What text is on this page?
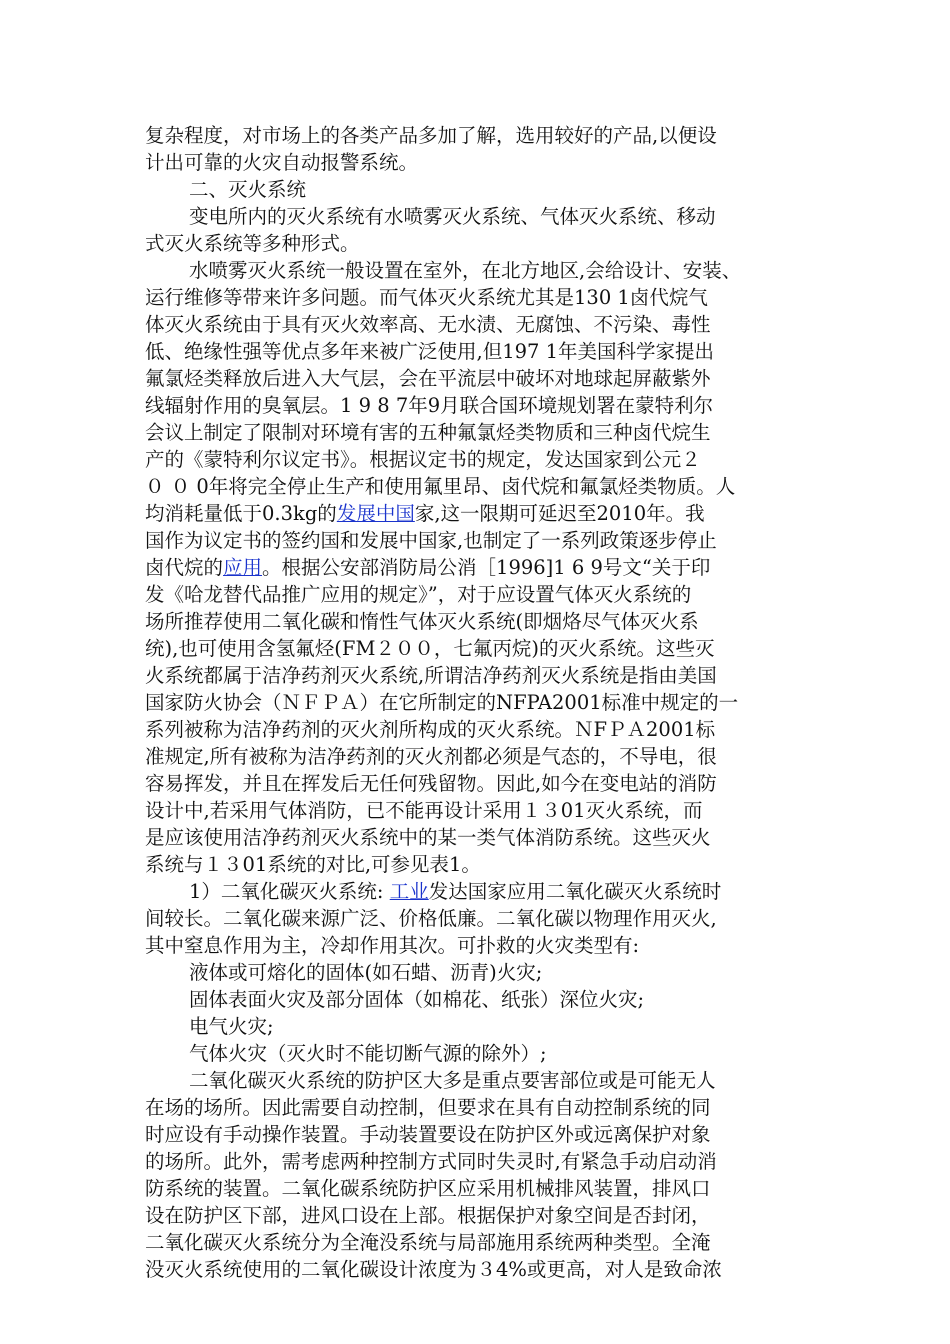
复杂程度，对市场上的各类产品多加了解，选用较好的产品,以便设
计出可靠的火灾自动报警系统。
二、灭火系统
变电所内的灭火系统有水喷雾灭火系统、气体灭火系统、移动
式灭火系统等多种形式。
水喷雾灭火系统一般设置在室外，在北方地区,会给设计、安装、
运行维修等带来许多问题。而气体灭火系统尤其是130 1卤代烷气
体灭火系统由于具有灭火效率高、无水渍、无腐蚀、不污染、毒性
低、绝缘性强等优点多年来被广泛使用,但197 1年美国科学家提出
氟氯烃类释放后进入大气层，会在平流层中破坏对地球起屏蔽紫外
线辐射作用的臭氧层。1 9 8 7年9月联合国环境规划署在蒙特利尔
会议上制定了限制对环境有害的五种氟氯烃类物质和三种卤代烷生
产的《蒙特利尔议定书》。根据议定书的规定，发达国家到公元２
０ ０ 0年将完全停止生产和使用氟里昂、卤代烷和氟氯烃类物质。人
均消耗量低于0.3kg的发展中国家,这一限期可延迟至2010年。我
国作为议定书的签约国和发展中国家,也制定了一系列政策逐步停止
卤代烷的应用。根据公安部消防局公消［1996]1 6 9号文“关于印
发《哈龙替代品推广应用的规定》”，对于应设置气体灭火系统的
场所推荐使用二氧化碳和惰性气体灭火系统(即烟烙尽气体灭火系
统),也可使用含氢氟烃(FM２００，七氟丙烷)的灭火系统。这些灭
火系统都属于洁净药剂灭火系统,所谓洁净药剂灭火系统是指由美国
国家防火协会（ＮＦＰＡ）在它所制定的NFPA2001标准中规定的一
系列被称为洁净药剂的灭火剂所构成的灭火系统。ＮFＰＡ2001标
准规定,所有被称为洁净药剂的灭火剂都必须是气态的，不导电，很
容易挥发，并且在挥发后无任何残留物。因此,如今在变电站的消防
设计中,若采用气体消防，已不能再设计采用１３01灭火系统，而
是应该使用洁净药剂灭火系统中的某一类气体消防系统。这些灭火
系统与１３01系统的对比,可参见表1。
1）二氧化碳灭火系统: 工业发达国家应用二氧化碳灭火系统时
间较长。二氧化碳来源广泛、价格低廉。二氧化碳以物理作用灭火,
其中窒息作用为主，冷却作用其次。可扑救的火灾类型有:
液体或可熔化的固体(如石蜡、沥青)火灾;
固体表面火灾及部分固体（如棉花、纸张）深位火灾;
电气火灾;
气体火灾（灭火时不能切断气源的除外）;
二氧化碳灭火系统的防护区大多是重点要害部位或是可能无人
在场的场所。因此需要自动控制，但要求在具有自动控制系统的同
时应设有手动操作装置。手动装置要设在防护区外或远离保护对象
的场所。此外，需考虑两种控制方式同时失灵时,有紧急手动启动消
防系统的装置。二氧化碳系统防护区应采用机械排风装置，排风口
设在防护区下部，进风口设在上部。根据保护对象空间是否封闭，
二氧化碳灭火系统分为全淹没系统与局部施用系统两种类型。全淹
没灭火系统使用的二氧化碳设计浓度为３4%或更高，对人是致命浓
